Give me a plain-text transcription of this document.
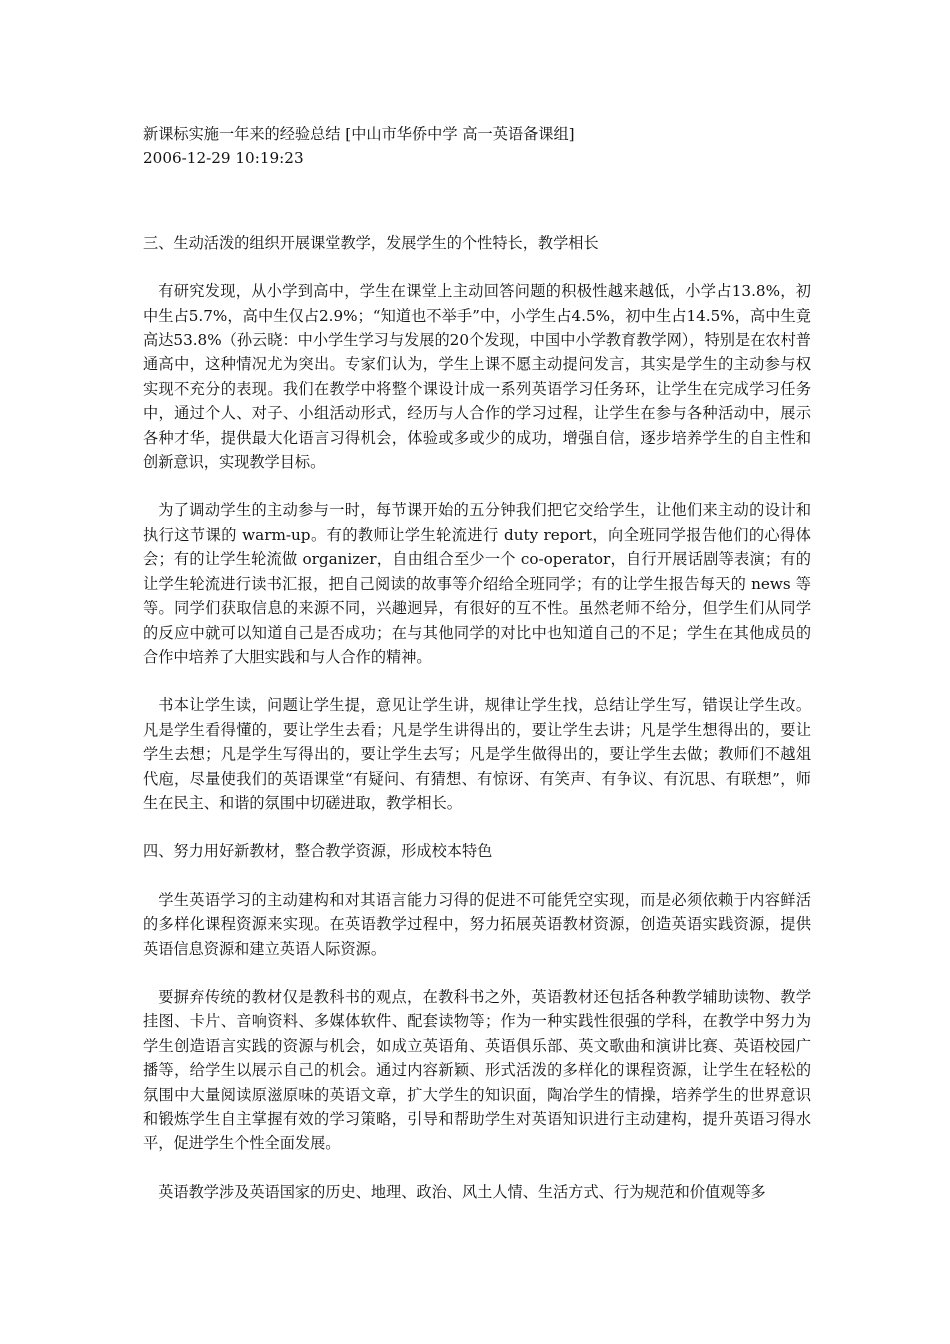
新课标实施一年来的经验总结 [中山市华侨中学 高一英语备课组]

2006-12-29 10:19:23

三、生动活泼的组织开展课堂教学，发展学生的个性特长，教学相长

有研究发现，从小学到高中，学生在课堂上主动回答问题的积极性越来越低，小学占13.8%，初中生占5.7%，高中生仅占2.9%；“知道也不举手”中，小学生占4.5%，初中生占14.5%，高中生竟高达53.8%（孙云晓：中小学生学习与发展的20个发现，中国中小学教育教学网），特别是在农村普通高中，这种情况尤为突出。专家们认为，学生上课不愿主动提问发言，其实是学生的主动参与权实现不充分的表现。我们在教学中将整个课设计成一系列英语学习任务环，让学生在完成学习任务中，通过个人、对子、小组活动形式，经历与人合作的学习过程，让学生在参与各种活动中，展示各种才华，提供最大化语言习得机会，体验或多或少的成功，增强自信，逐步培养学生的自主性和创新意识，实现教学目标。

为了调动学生的主动参与一时，每节课开始的五分钟我们把它交给学生，让他们来主动的设计和执行这节课的 warm-up。有的教师让学生轮流进行 duty report，向全班同学报告他们的心得体会；有的让学生轮流做 organizer，自由组合至少一个 co-operator，自行开展话剧等表演；有的让学生轮流进行读书汇报，把自己阅读的故事等介绍给全班同学；有的让学生报告每天的 news 等等。同学们获取信息的来源不同，兴趣迥异，有很好的互不性。虽然老师不给分，但学生们从同学的反应中就可以知道自己是否成功；在与其他同学的对比中也知道自己的不足；学生在其他成员的合作中培养了大胆实践和与人合作的精神。

书本让学生读，问题让学生提，意见让学生讲，规律让学生找，总结让学生写，错误让学生改。凡是学生看得懂的，要让学生去看；凡是学生讲得出的，要让学生去讲；凡是学生想得出的，要让学生去想；凡是学生写得出的，要让学生去写；凡是学生做得出的，要让学生去做；教师们不越俎代庖，尽量使我们的英语课堂“有疑问、有猜想、有惊讶、有笑声、有争议、有沉思、有联想”，师生在民主、和谐的氛围中切磋进取，教学相长。

四、努力用好新教材，整合教学资源，形成校本特色

学生英语学习的主动建构和对其语言能力习得的促进不可能凭空实现，而是必须依赖于内容鲜活的多样化课程资源来实现。在英语教学过程中，努力拓展英语教材资源，创造英语实践资源，提供英语信息资源和建立英语人际资源。

要摒弃传统的教材仅是教科书的观点，在教科书之外，英语教材还包括各种教学辅助读物、教学挂图、卡片、音响资料、多媒体软件、配套读物等；作为一种实践性很强的学科，在教学中努力为学生创造语言实践的资源与机会，如成立英语角、英语俱乐部、英文歌曲和演讲比赛、英语校园广播等，给学生以展示自己的机会。通过内容新颖、形式活泼的多样化的课程资源，让学生在轻松的氛围中大量阅读原滋原味的英语文章，扩大学生的知识面，陶冶学生的情操，培养学生的世界意识和锻炼学生自主掌握有效的学习策略，引导和帮助学生对英语知识进行主动建构，提升英语习得水平，促进学生个性全面发展。

英语教学涉及英语国家的历史、地理、政治、风土人情、生活方式、行为规范和价值观等多
